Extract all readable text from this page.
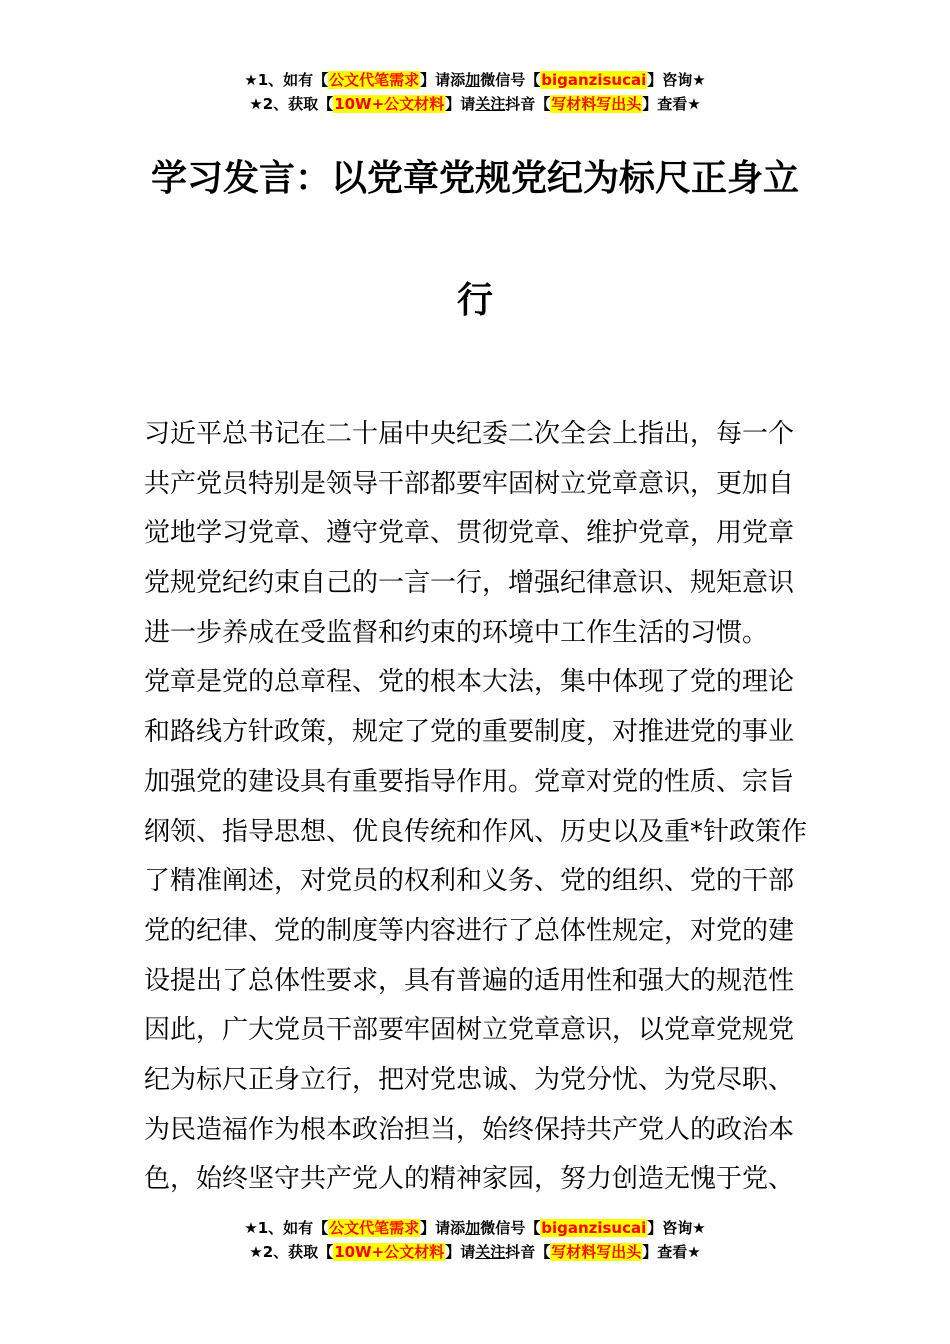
★1、如有【公文代笔需求】请添加微信号【biganzisucai】咨询★
★2、获取【10W+公文材料】请关注抖音【写材料写出头】查看★
学习发言：以党章党规党纪为标尺正身立
行
习近平总书记在二十届中央纪委二次全会上指出，每一个
共产党员特别是领导干部都要牢固树立党章意识，更加自
觉地学习党章、遵守党章、贯彻党章、维护党章，用党章
党规党纪约束自己的一言一行，增强纪律意识、规矩意识
进一步养成在受监督和约束的环境中工作生活的习惯。
党章是党的总章程、党的根本大法，集中体现了党的理论
和路线方针政策，规定了党的重要制度，对推进党的事业
加强党的建设具有重要指导作用。党章对党的性质、宗旨
纲领、指导思想、优良传统和作风、历史以及重*针政策作
了精准阐述，对党员的权利和义务、党的组织、党的干部
党的纪律、党的制度等内容进行了总体性规定，对党的建
设提出了总体性要求，具有普遍的适用性和强大的规范性
因此，广大党员干部要牢固树立党章意识，以党章党规党
纪为标尺正身立行，把对党忠诚、为党分忧、为党尽职、
为民造福作为根本政治担当，始终保持共产党人的政治本
色，始终坚守共产党人的精神家园，努力创造无愧于党、
★1、如有【公文代笔需求】请添加微信号【biganzisucai】咨询★
★2、获取【10W+公文材料】请关注抖音【写材料写出头】查看★
